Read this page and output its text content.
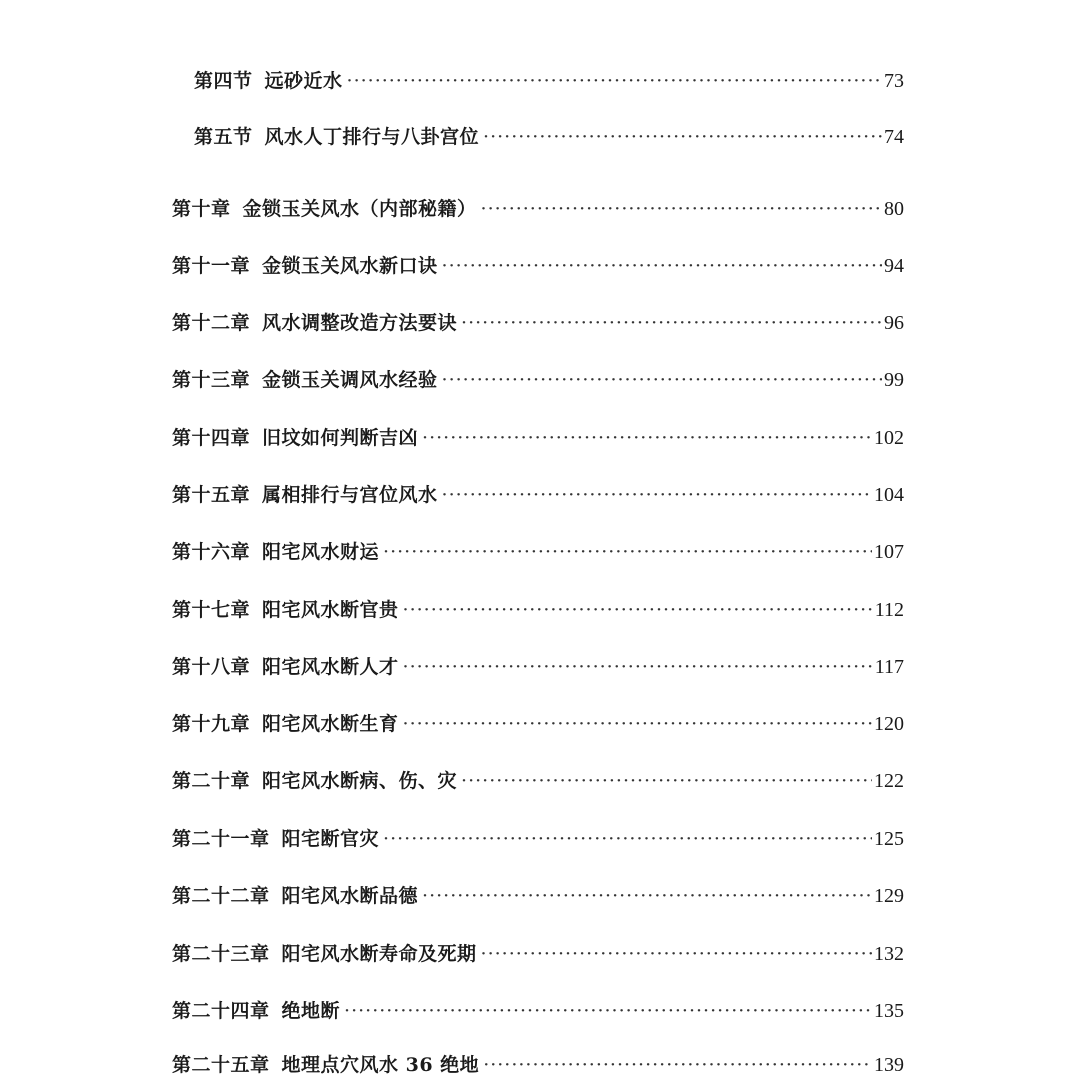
第四节 远砂近水 ·····	73
第五节 风水人丁排行与八卦宫位 ·····	74
第十章 金锁玉关风水（内部秘籍） ·····	80
第十一章 金锁玉关风水新口诀 ·····	94
第十二章 风水调整改造方法要诀 ·····	96
第十三章 金锁玉关调风水经验 ·····	99
第十四章 旧坟如何判断吉凶 ·····	102
第十五章 属相排行与宫位风水 ·····	104
第十六章 阳宅风水财运 ·····	107
第十七章 阳宅风水断官贵 ·····	112
第十八章 阳宅风水断人才 ·····	117
第十九章 阳宅风水断生育 ·····	120
第二十章 阳宅风水断病、伤、灾 ·····	122
第二十一章 阳宅断官灾 ·····	125
第二十二章 阳宅风水断品德 ·····	129
第二十三章 阳宅风水断寿命及死期 ·····	132
第二十四章 绝地断 ·····	135
第二十五章 地理点穴风水 36 绝地 ·····	139
